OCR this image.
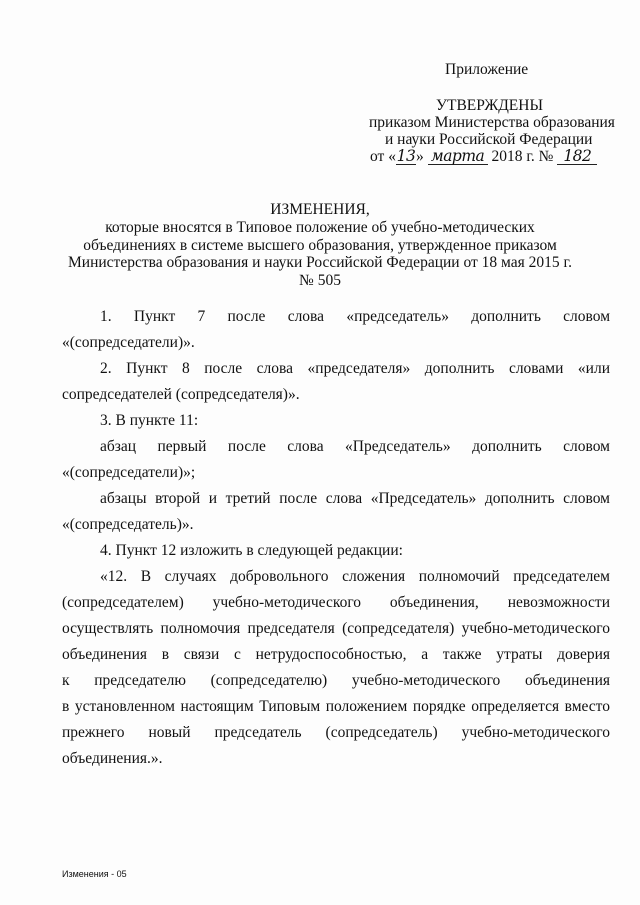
Приложение
УТВЕРЖДЕНЫ
приказом Министерства образования
и науки Российской Федерации
от «13» марта 2018 г. № 182
ИЗМЕНЕНИЯ,
которые вносятся в Типовое положение об учебно-методических объединениях в системе высшего образования, утвержденное приказом Министерства образования и науки Российской Федерации от 18 мая 2015 г. № 505
1. Пункт 7 после слова «председатель» дополнить словом
«(сопредседатели)».
2. Пункт 8 после слова «председателя» дополнить словами «или
сопредседателей (сопредседателя)».
3. В пункте 11:
абзац первый после слова «Председатель» дополнить словом
«(сопредседатели)»;
абзацы второй и третий после слова «Председатель» дополнить словом
«(сопредседатель)».
4. Пункт 12 изложить в следующей редакции:
«12. В случаях добровольного сложения полномочий председателем
(сопредседателем) учебно-методического объединения, невозможности
осуществлять полномочия председателя (сопредседателя) учебно-методического
объединения в связи с нетрудоспособностью, а также утраты доверия
к председателю (сопредседателю) учебно-методического объединения
в установленном настоящим Типовым положением порядке определяется вместо
прежнего новый председатель (сопредседатель) учебно-методического
объединения.».
Изменения - 05
